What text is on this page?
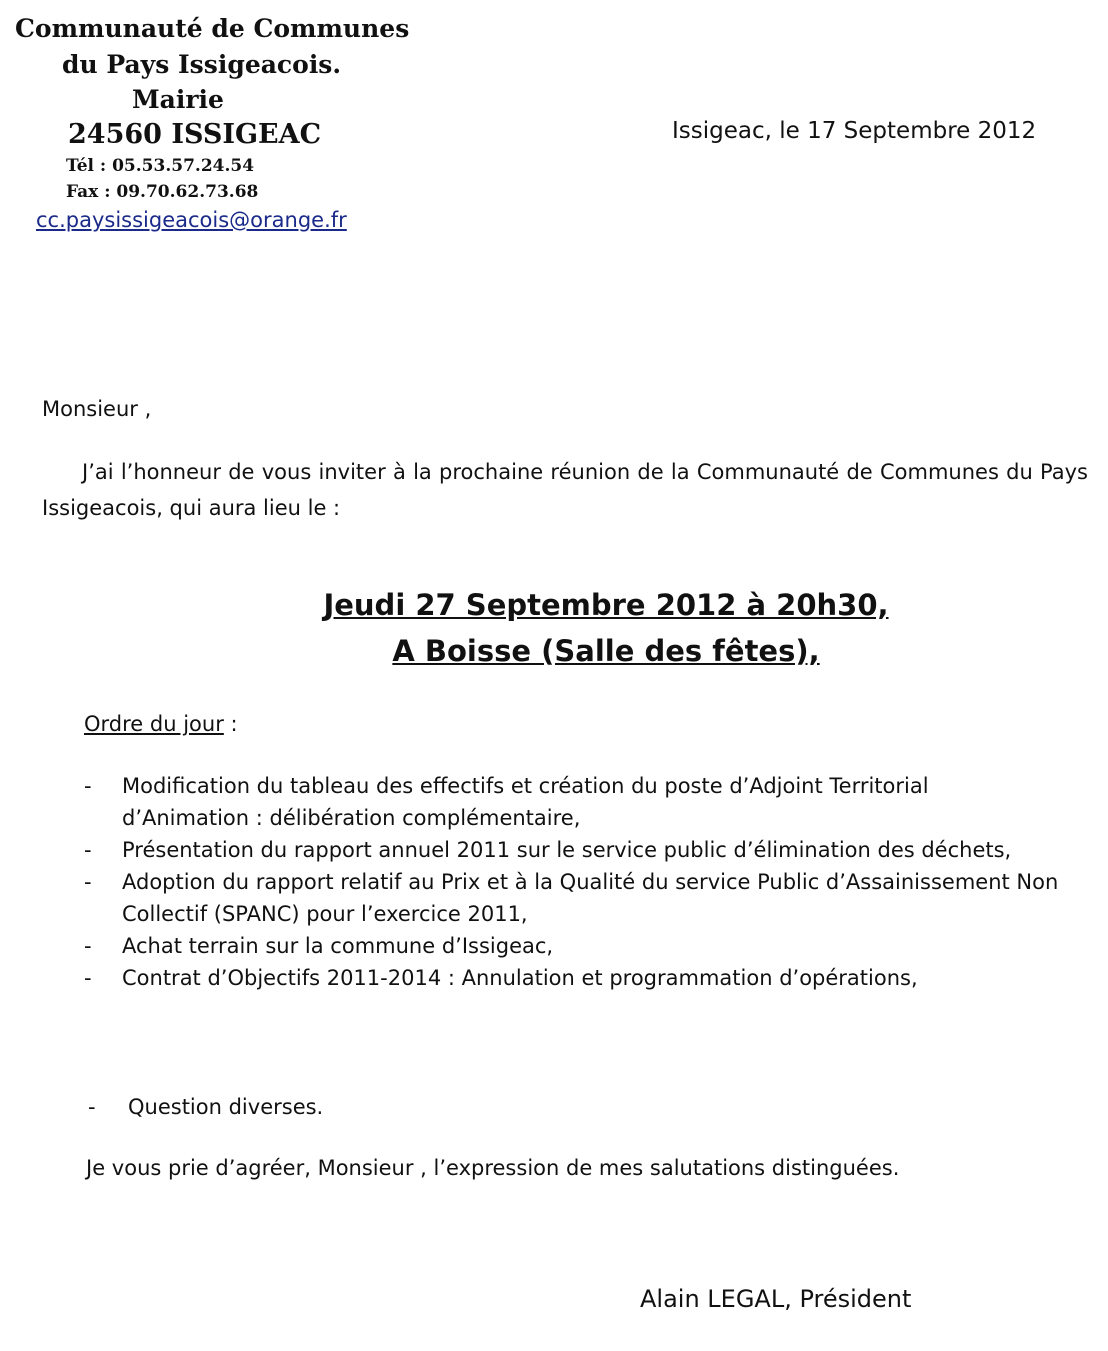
Communauté de Communes
du Pays Issigeacois.
Mairie
24560 ISSIGEAC
Tél : 05.53.57.24.54
Fax : 09.70.62.73.68
cc.paysissigeacois@orange.fr
Issigeac, le 17 Septembre 2012
Monsieur ,
J’ai l’honneur de vous inviter à la prochaine réunion de la Communauté de Communes du Pays
Issigeacois, qui aura lieu le :
Jeudi 27 Septembre 2012 à 20h30,
A Boisse (Salle des fêtes),
Ordre du jour :
- Modification du tableau des effectifs et création du poste d’Adjoint Territorial
d’Animation : délibération complémentaire,
- Présentation du rapport annuel 2011 sur le service public d’élimination des déchets,
- Adoption du rapport relatif au Prix et à la Qualité du service Public d’Assainissement Non
Collectif (SPANC) pour l’exercice 2011,
- Achat terrain sur la commune d’Issigeac,
- Contrat d’Objectifs 2011-2014 : Annulation et programmation d’opérations,
- Question diverses.
Je vous prie d’agréer, Monsieur , l’expression de mes salutations distinguées.
Alain LEGAL, Président
